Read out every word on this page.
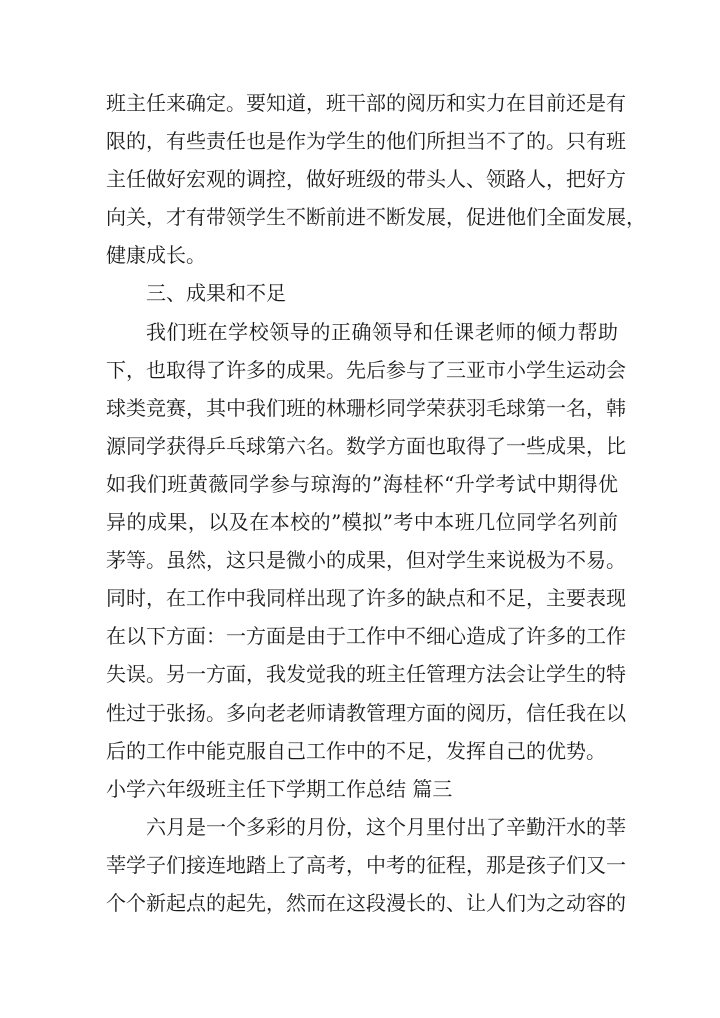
班主任来确定。要知道，班干部的阅历和实力在目前还是有
限的，有些责任也是作为学生的他们所担当不了的。只有班
主任做好宏观的调控，做好班级的带头人、领路人，把好方
向关，才有带领学生不断前进不断发展，促进他们全面发展，
健康成长。
三、成果和不足
我们班在学校领导的正确领导和任课老师的倾力帮助
下，也取得了许多的成果。先后参与了三亚市小学生运动会
球类竞赛，其中我们班的林珊杉同学荣获羽毛球第一名，韩
源同学获得乒乓球第六名。数学方面也取得了一些成果，比
如我们班黄薇同学参与琼海的”海桂杯“升学考试中期得优
异的成果，以及在本校的”模拟”考中本班几位同学名列前
茅等。虽然，这只是微小的成果，但对学生来说极为不易。
同时，在工作中我同样出现了许多的缺点和不足，主要表现
在以下方面：一方面是由于工作中不细心造成了许多的工作
失误。另一方面，我发觉我的班主任管理方法会让学生的特
性过于张扬。多向老老师请教管理方面的阅历，信任我在以
后的工作中能克服自己工作中的不足，发挥自己的优势。
小学六年级班主任下学期工作总结 篇三
六月是一个多彩的月份，这个月里付出了辛勤汗水的莘
莘学子们接连地踏上了高考，中考的征程，那是孩子们又一
个个新起点的起先，然而在这段漫长的、让人们为之动容的
